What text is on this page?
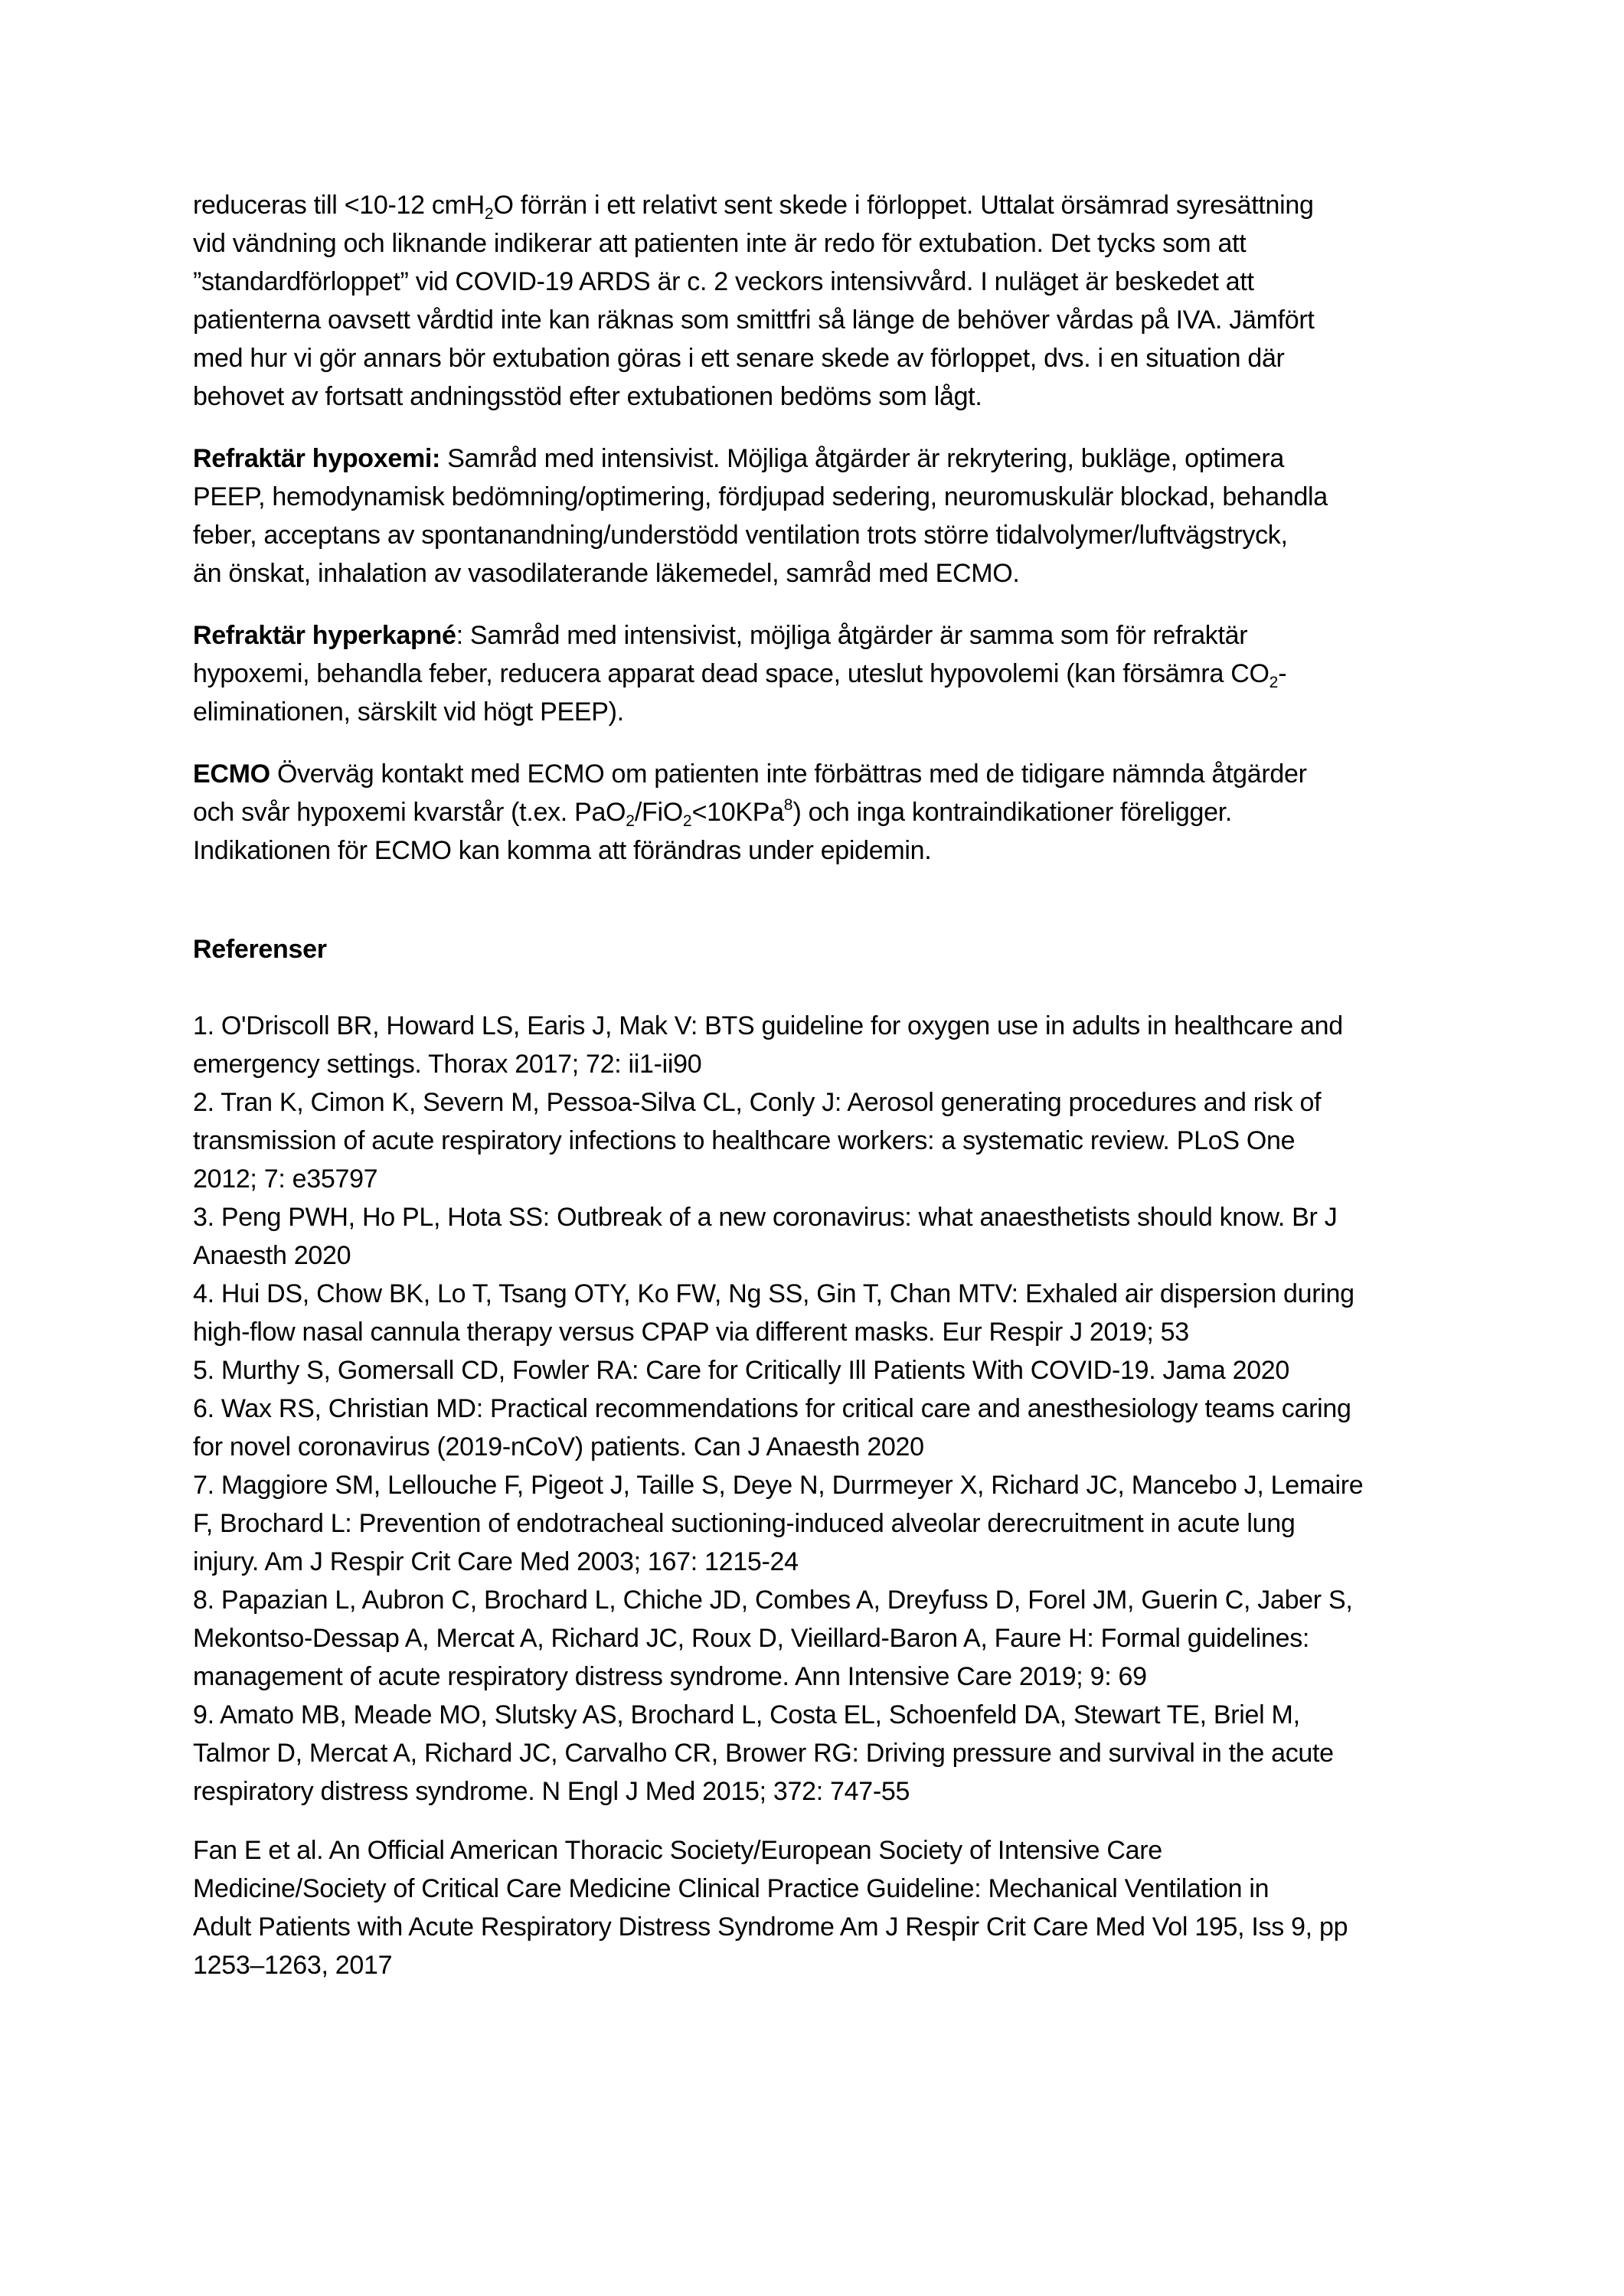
reduceras till <10-12 cmH$_2$O förrän i ett relativt sent skede i förloppet. Uttalat örsämrad syresättning
vid vändning och liknande indikerar att patienten inte är redo för extubation. Det tycks som att
”standardförloppet” vid COVID-19 ARDS är c. 2 veckors intensivvård. I nuläget är beskedet att
patienterna oavsett vårdtid inte kan räknas som smittfri så länge de behöver vårdas på IVA. Jämfört
med hur vi gör annars bör extubation göras i ett senare skede av förloppet, dvs. i en situation där
behovet av fortsatt andningsstöd efter extubationen bedöms som lågt.
Refraktär hypoxemi: Samråd med intensivist. Möjliga åtgärder är rekrytering, bukläge, optimera
PEEP, hemodynamisk bedömning/optimering, fördjupad sedering, neuromuskulär blockad, behandla
feber, acceptans av spontanandning/understödd ventilation trots större tidalvolymer/luftvägstryck,
än önskat, inhalation av vasodilaterande läkemedel, samråd med ECMO.
Refraktär hyperkapné: Samråd med intensivist, möjliga åtgärder är samma som för refraktär
hypoxemi, behandla feber, reducera apparat dead space, uteslut hypovolemi (kan försämra $CO_2-$
eliminationen, särskilt vid högt PEEP).
ECMO Överväg kontakt med ECMO om patienten inte förbättras med de tidigare nämnda åtgärder
och svår hypoxemi kvarstår (t.ex. PaO$_2$/FiO$_2$<10KPa$^8$) och inga kontraindikationer föreligger.
Indikationen för ECMO kan komma att förändras under epidemin.
Referenser
1. O'Driscoll BR, Howard LS, Earis J, Mak V: BTS guideline for oxygen use in adults in healthcare and
emergency settings. Thorax 2017; 72: ii1-ii90
2. Tran K, Cimon K, Severn M, Pessoa-Silva CL, Conly J: Aerosol generating procedures and risk of
transmission of acute respiratory infections to healthcare workers: a systematic review. PLoS One
2012; 7: e35797
3. Peng PWH, Ho PL, Hota SS: Outbreak of a new coronavirus: what anaesthetists should know. Br J
Anaesth 2020
4. Hui DS, Chow BK, Lo T, Tsang OTY, Ko FW, Ng SS, Gin T, Chan MTV: Exhaled air dispersion during
high-flow nasal cannula therapy versus CPAP via different masks. Eur Respir J 2019; 53
5. Murthy S, Gomersall CD, Fowler RA: Care for Critically Ill Patients With COVID-19. Jama 2020
6. Wax RS, Christian MD: Practical recommendations for critical care and anesthesiology teams caring
for novel coronavirus (2019-nCoV) patients. Can J Anaesth 2020
7. Maggiore SM, Lellouche F, Pigeot J, Taille S, Deye N, Durrmeyer X, Richard JC, Mancebo J, Lemaire
F, Brochard L: Prevention of endotracheal suctioning-induced alveolar derecruitment in acute lung
injury. Am J Respir Crit Care Med 2003; 167: 1215-24
8. Papazian L, Aubron C, Brochard L, Chiche JD, Combes A, Dreyfuss D, Forel JM, Guerin C, Jaber S,
Mekontso-Dessap A, Mercat A, Richard JC, Roux D, Vieillard-Baron A, Faure H: Formal guidelines:
management of acute respiratory distress syndrome. Ann Intensive Care 2019; 9: 69
9. Amato MB, Meade MO, Slutsky AS, Brochard L, Costa EL, Schoenfeld DA, Stewart TE, Briel M,
Talmor D, Mercat A, Richard JC, Carvalho CR, Brower RG: Driving pressure and survival in the acute
respiratory distress syndrome. N Engl J Med 2015; 372: 747-55
Fan E et al. An Official American Thoracic Society/European Society of Intensive Care
Medicine/Society of Critical Care Medicine Clinical Practice Guideline: Mechanical Ventilation in
Adult Patients with Acute Respiratory Distress Syndrome Am J Respir Crit Care Med Vol 195, Iss 9, pp
1253–1263, 2017
